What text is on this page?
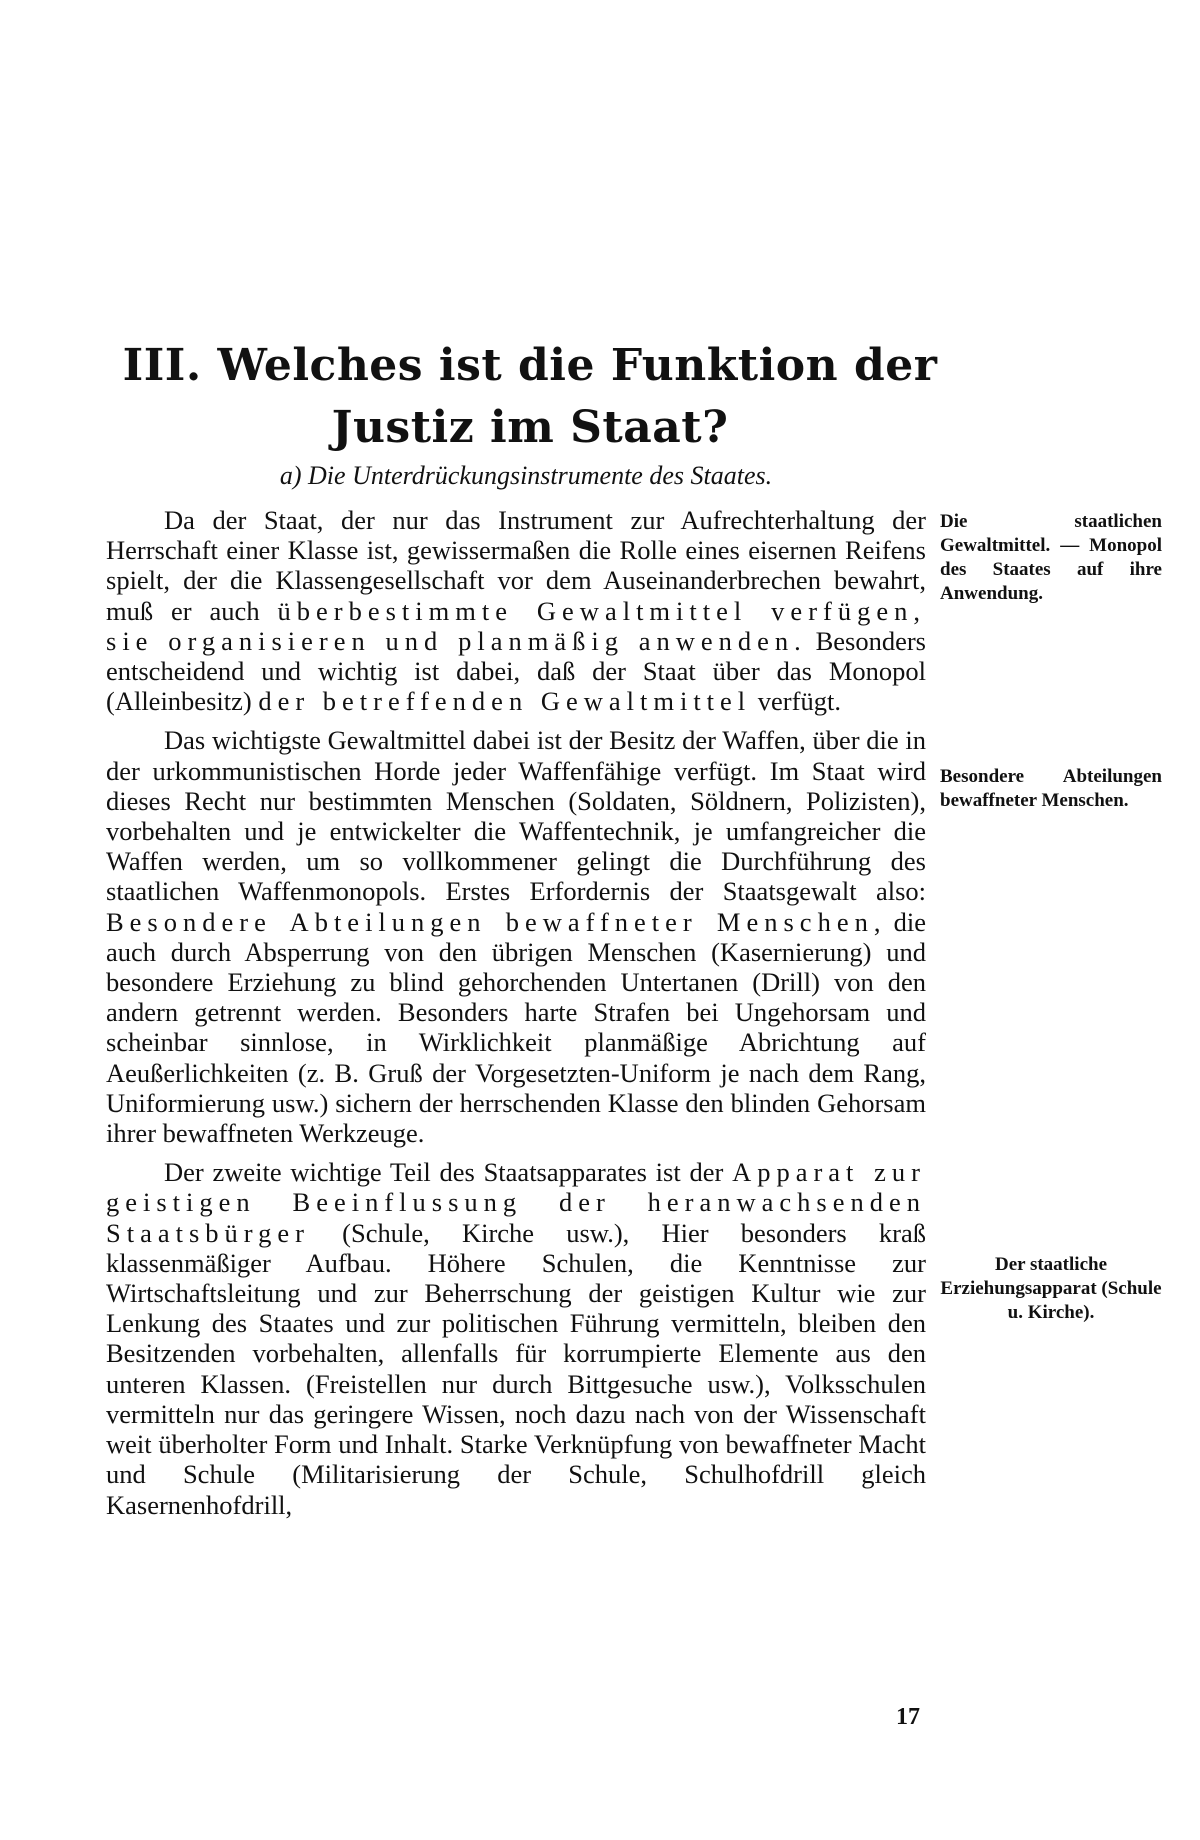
III. Welches ist die Funktion der
Justiz im Staat?
a) Die Unterdrückungsinstrumente des Staates.

Da der Staat, der nur das Instrument zur Aufrechterhaltung der Herrschaft einer Klasse ist, gewissermaßen die Rolle eines eisernen Reifens spielt, der die Klassengesellschaft vor dem Auseinanderbrechen bewahrt, muß er auch überbestimmte Gewaltmittel verfügen, sie organisieren und planmäßig anwenden. Besonders entscheidend und wichtig ist dabei, daß der Staat über das Monopol (Alleinbesitz) der betreffenden Gewaltmittel verfügt.

Das wichtigste Gewaltmittel dabei ist der Besitz der Waffen, über die in der urkommunistischen Horde jeder Waffenfähige verfügt. Im Staat wird dieses Recht nur bestimmten Menschen (Soldaten, Söldnern, Polizisten), vorbehalten und je entwickelter die Waffentechnik, je umfangreicher die Waffen werden, um so vollkommener gelingt die Durchführung des staatlichen Waffenmonopols. Erstes Erfordernis der Staatsgewalt also: Besondere Abteilungen bewaffneter Menschen, die auch durch Absperrung von den übrigen Menschen (Kasernierung) und besondere Erziehung zu blind gehorchenden Untertanen (Drill) von den andern getrennt werden. Besonders harte Strafen bei Ungehorsam und scheinbar sinnlose, in Wirklichkeit planmäßige Abrichtung auf Aeußerlichkeiten (z. B. Gruß der Vorgesetzten-Uniform je nach dem Rang, Uniformierung usw.) sichern der herrschenden Klasse den blinden Gehorsam ihrer bewaffneten Werkzeuge.

Der zweite wichtige Teil des Staatsapparates ist der Apparat zur geistigen Beeinflussung der heranwachsenden Staatsbürger (Schule, Kirche usw.), Hier besonders kraß klassenmäßiger Aufbau. Höhere Schulen, die Kenntnisse zur Wirtschaftsleitung und zur Beherrschung der geistigen Kultur wie zur Lenkung des Staates und zur politischen Führung vermitteln, bleiben den Besitzenden vorbehalten, allenfalls für korrumpierte Elemente aus den unteren Klassen. (Freistellen nur durch Bittgesuche usw.), Volksschulen vermitteln nur das geringere Wissen, noch dazu nach von der Wissenschaft weit überholter Form und Inhalt. Starke Verknüpfung von bewaffneter Macht und Schule (Militarisierung der Schule, Schulhofdrill gleich Kasernenhofdrill,

Die staatlichen Gewaltmittel. — Monopol des Staates auf ihre Anwendung.
Besondere Abteilungen bewaffneter Menschen.
Der staatliche Erziehungsapparat (Schule u. Kirche).
17
